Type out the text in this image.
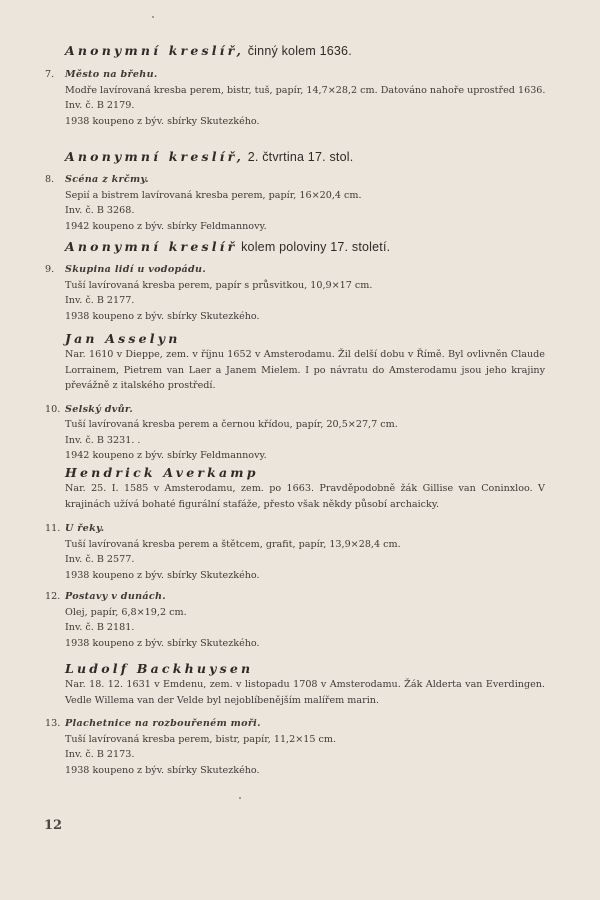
Anonymní kreslíř, činný kolem 1636.
7.	Město na břehu.
Modře lavírovaná kresba perem, bistr, tuš, papír, 14,7×28,2 cm. Datováno nahoře uprostřed 1636.
Inv. č. B 2179.
1938 koupeno z býv. sbírky Skutezkého.
Anonymní kreslíř, 2. čtvrtina 17. stol.
8.	Scéna z krčmy.
Sepií a bistrem lavírovaná kresba perem, papír, 16×20,4 cm.
Inv. č. B 3268.
1942 koupeno z býv. sbírky Feldmannovy.
Anonymní kreslíř kolem poloviny 17. století.
9.	Skupina lidí u vodopádu.
Tuší lavírovaná kresba perem, papír s průsvitkou, 10,9×17 cm.
Inv. č. B 2177.
1938 koupeno z býv. sbírky Skutezkého.
Jan Asselyn
Nar. 1610 v Dieppe, zem. v říjnu 1652 v Amsterodamu. Žil delší dobu v Římě. Byl ovlivněn Claude Lorrainem, Pietrem van Laer a Janem Mielem. I po návratu do Amsterodamu jsou jeho krajiny převážně z italského prostředí.
10. Selský dvůr.
Tuší lavírovaná kresba perem a černou křídou, papír, 20,5×27,7 cm.
Inv. č. B 3231. .
1942 koupeno z býv. sbírky Feldmannovy.
Hendrick Averkamp
Nar. 25. I. 1585 v Amsterodamu, zem. po 1663. Pravděpodobně žák Gillise van Coninxloo. V krajinách užívá bohaté figurální stafáže, přesto však někdy působí archaicky.
11. U řeky.
Tuší lavírovaná kresba perem a štětcem, grafit, papír, 13,9×28,4 cm.
Inv. č. B 2577.
1938 koupeno z býv. sbírky Skutezkého.
12. Postavy v dunách.
Olej, papír, 6,8×19,2 cm.
Inv. č. B 2181.
1938 koupeno z býv. sbírky Skutezkého.
Ludolf Backhuysen
Nar. 18. 12. 1631 v Emdenu, zem. v listopadu 1708 v Amsterodamu. Žák Alderta van Everdingen. Vedle Willema van der Velde byl nejoblíbenějším malířem marin.
13. Plachetnice na rozbouřeném moři.
Tuší lavírovaná kresba perem, bistr, papír, 11,2×15 cm.
Inv. č. B 2173.
1938 koupeno z býv. sbírky Skutezkého.
12
